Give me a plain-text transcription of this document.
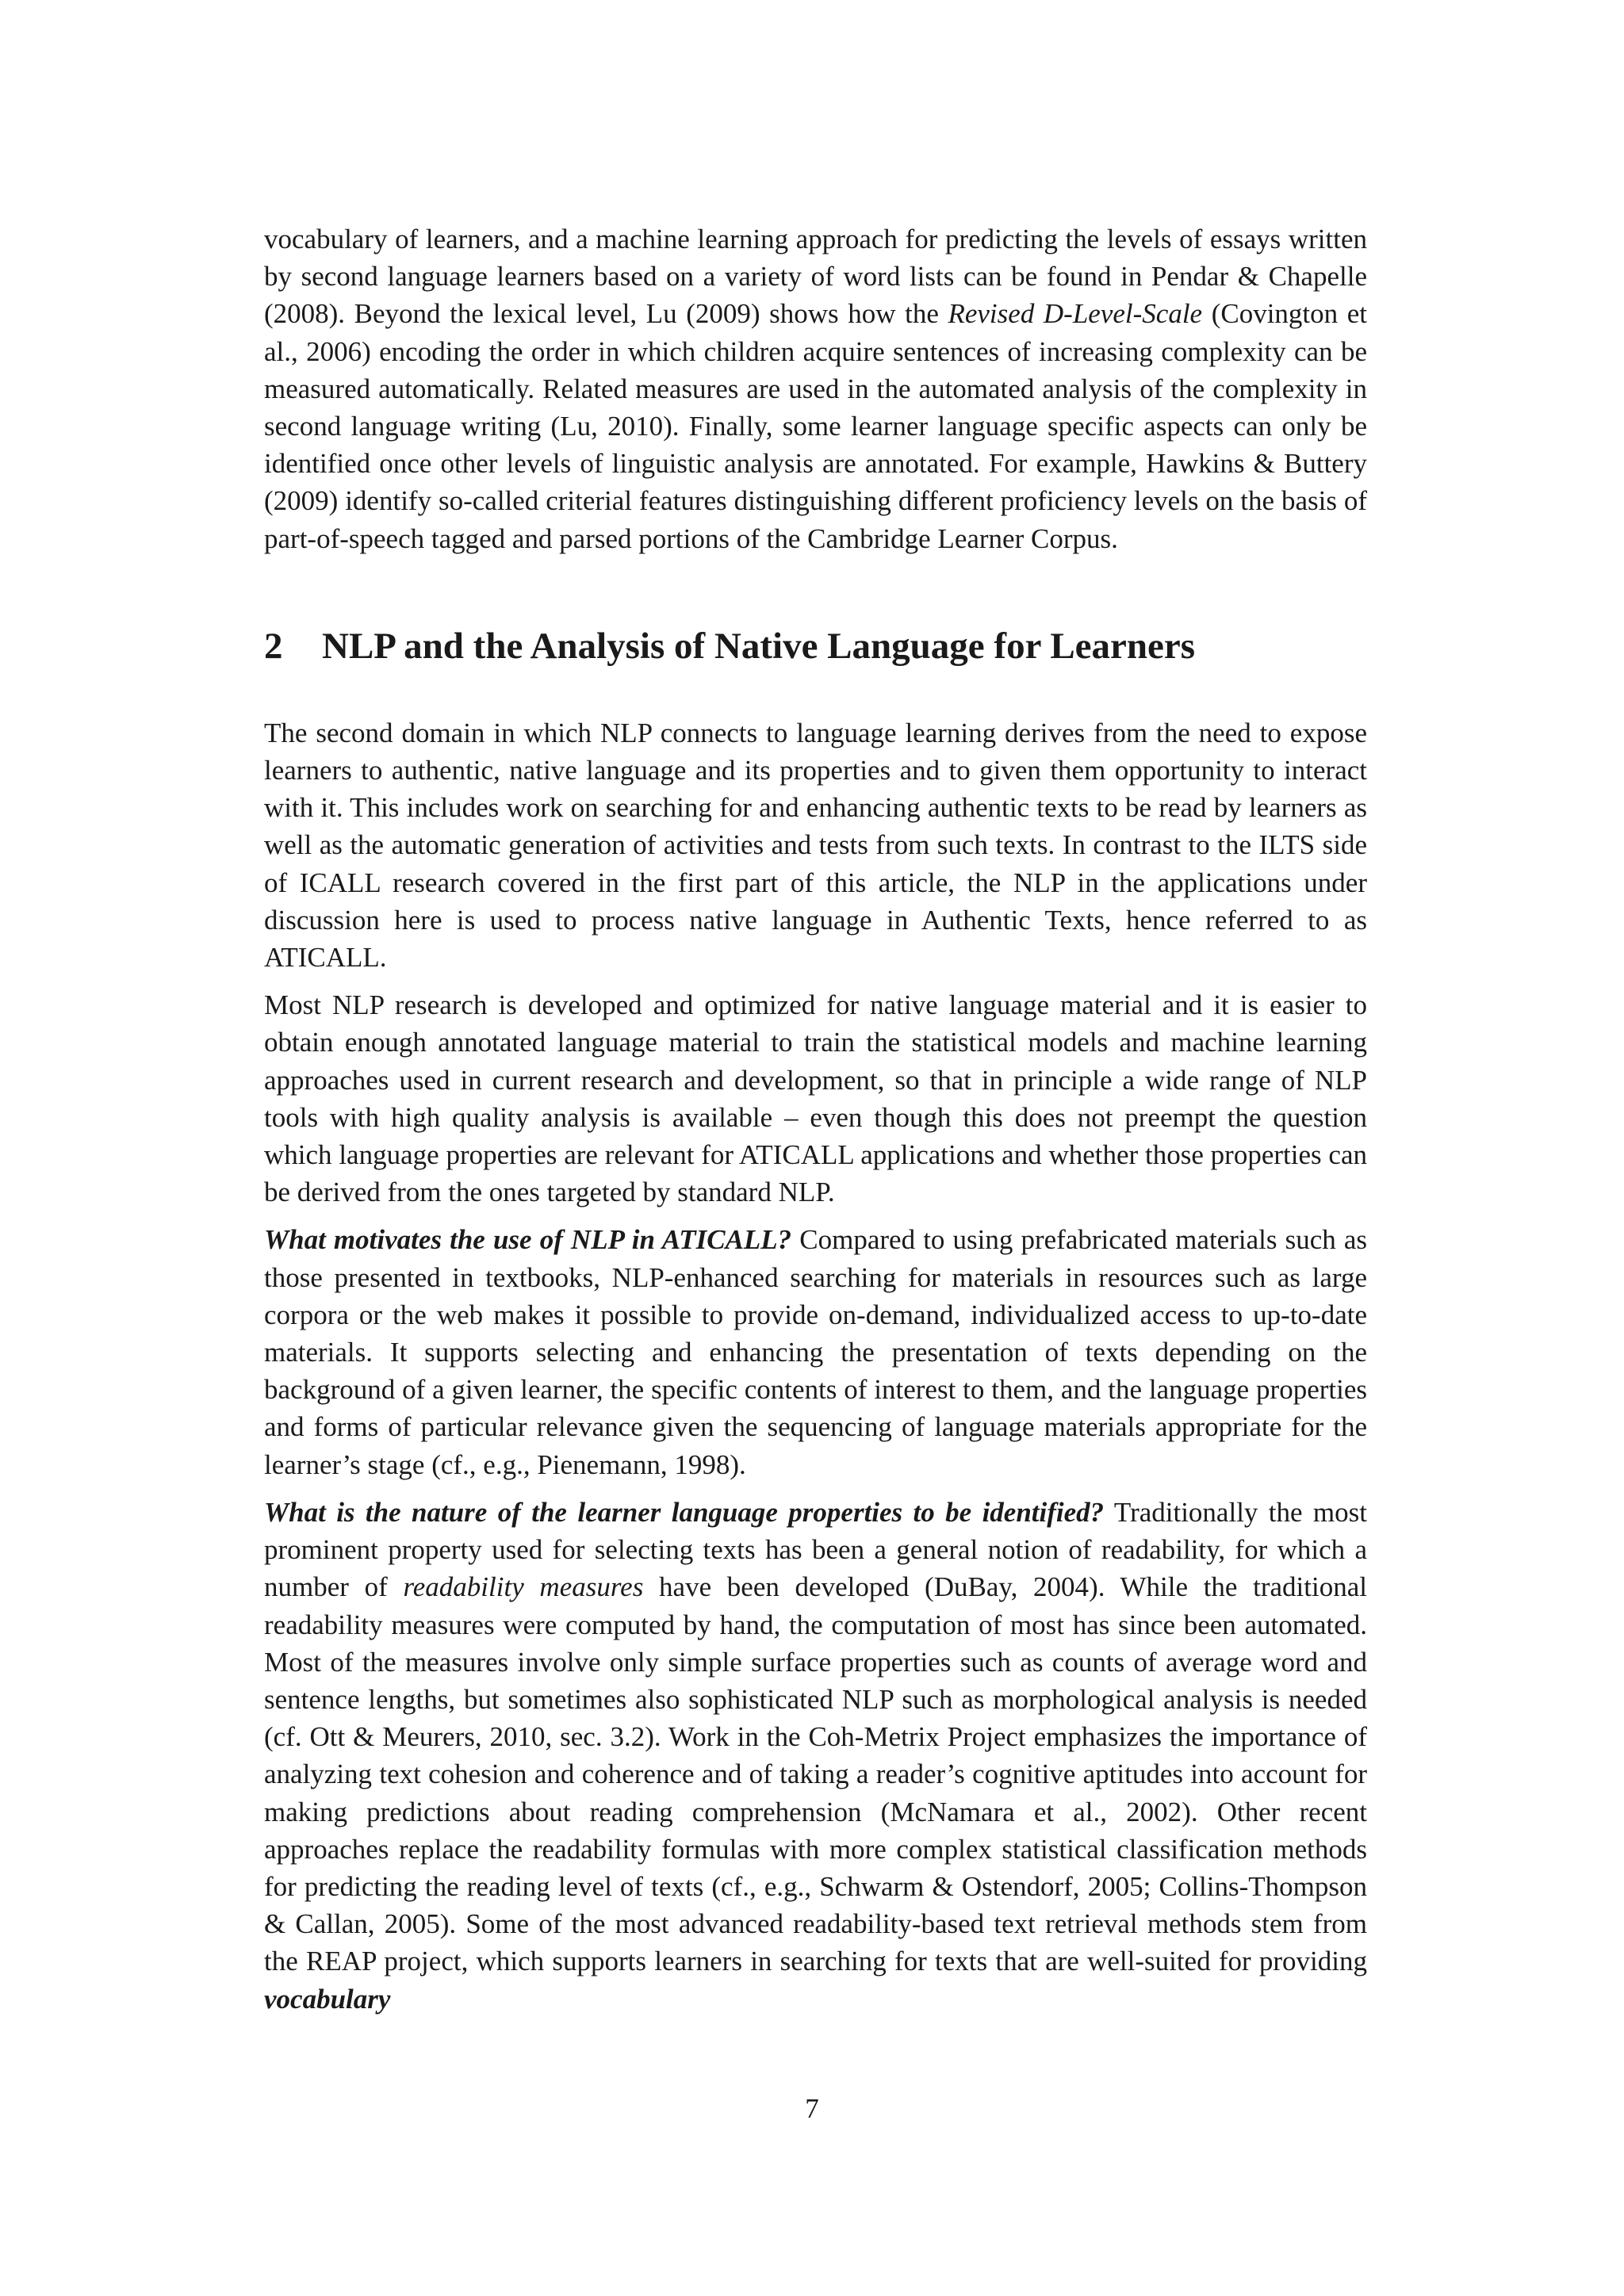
vocabulary of learners, and a machine learning approach for predicting the levels of essays written by second language learners based on a variety of word lists can be found in Pendar & Chapelle (2008). Beyond the lexical level, Lu (2009) shows how the Revised D-Level-Scale (Covington et al., 2006) encoding the order in which children acquire sentences of increasing complexity can be measured automatically. Related measures are used in the automated analysis of the complexity in second language writing (Lu, 2010). Finally, some learner language specific aspects can only be identified once other levels of linguistic analysis are annotated. For example, Hawkins & Buttery (2009) identify so-called criterial features distinguishing different proficiency levels on the basis of part-of-speech tagged and parsed portions of the Cambridge Learner Corpus.

2	NLP and the Analysis of Native Language for Learners

The second domain in which NLP connects to language learning derives from the need to expose learners to authentic, native language and its properties and to given them opportunity to interact with it. This includes work on searching for and enhancing authentic texts to be read by learners as well as the automatic generation of activities and tests from such texts. In contrast to the ILTS side of ICALL research covered in the first part of this article, the NLP in the applications under discussion here is used to process native language in Authentic Texts, hence referred to as ATICALL.

Most NLP research is developed and optimized for native language material and it is easier to obtain enough annotated language material to train the statistical models and machine learning approaches used in current research and development, so that in principle a wide range of NLP tools with high quality analysis is available – even though this does not preempt the question which language properties are relevant for ATICALL applications and whether those properties can be derived from the ones targeted by standard NLP.

What motivates the use of NLP in ATICALL? Compared to using prefabricated materials such as those presented in textbooks, NLP-enhanced searching for materials in resources such as large corpora or the web makes it possible to provide on-demand, individualized access to up-to-date materials. It supports selecting and enhancing the presentation of texts depending on the background of a given learner, the specific contents of interest to them, and the language properties and forms of particular relevance given the sequencing of language materials appropriate for the learner’s stage (cf., e.g., Pienemann, 1998).

What is the nature of the learner language properties to be identified? Traditionally the most prominent property used for selecting texts has been a general notion of readability, for which a number of readability measures have been developed (DuBay, 2004). While the traditional readability measures were computed by hand, the computation of most has since been automated. Most of the measures involve only simple surface properties such as counts of average word and sentence lengths, but sometimes also sophisticated NLP such as morphological analysis is needed (cf. Ott & Meurers, 2010, sec. 3.2). Work in the Coh-Metrix Project emphasizes the importance of analyzing text cohesion and coherence and of taking a reader’s cognitive aptitudes into account for making predictions about reading comprehension (McNamara et al., 2002). Other recent approaches replace the readability formulas with more complex statistical classification methods for predicting the reading level of texts (cf., e.g., Schwarm & Ostendorf, 2005; Collins-Thompson & Callan, 2005). Some of the most advanced readability-based text retrieval methods stem from the REAP project, which supports learners in searching for texts that are well-suited for providing vocabulary

7
